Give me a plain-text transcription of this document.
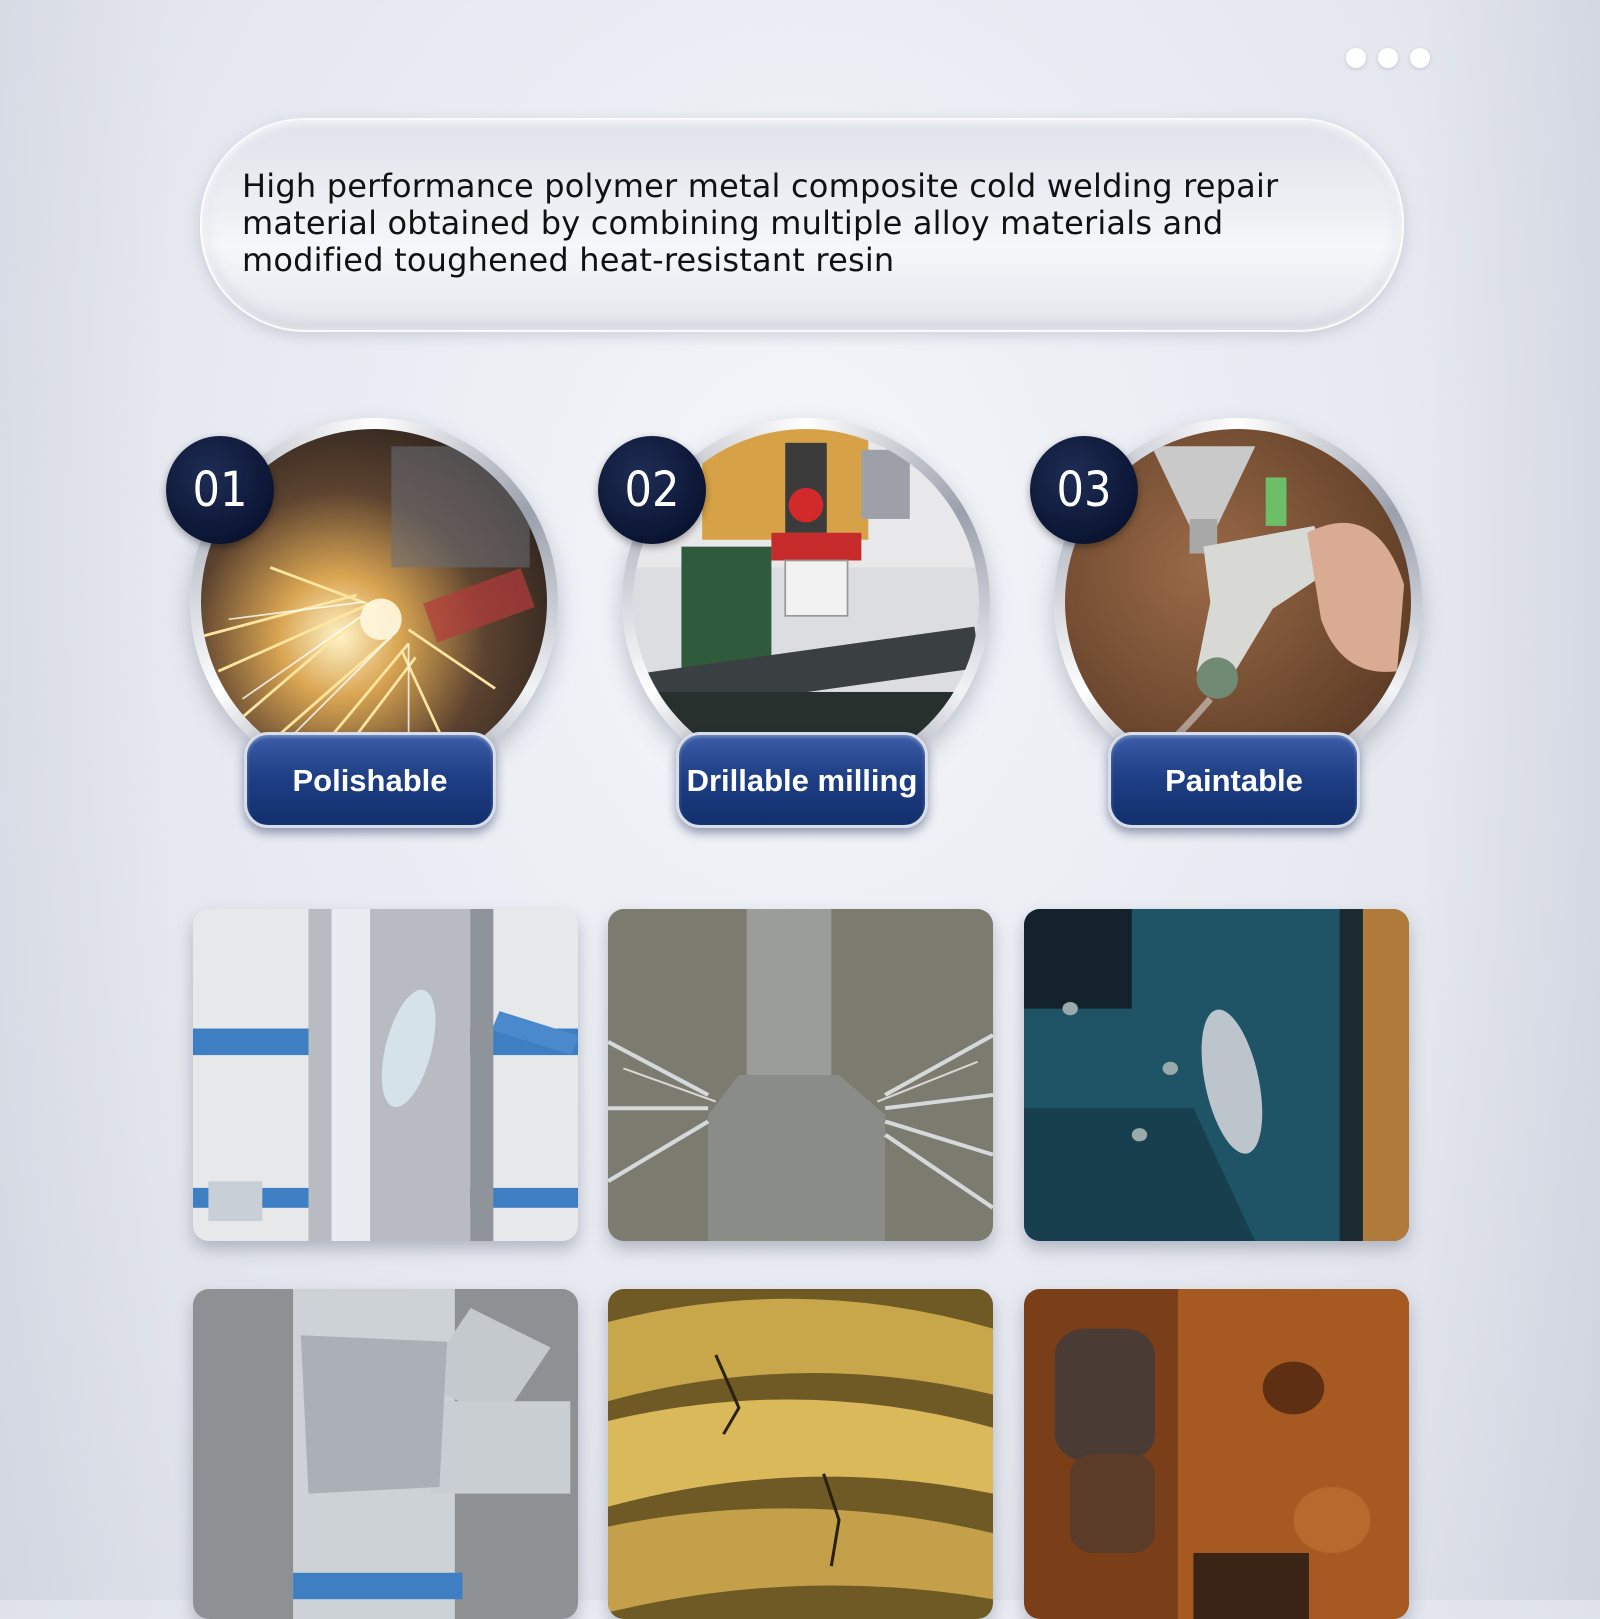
High performance polymer metal composite cold welding repair material obtained by combining multiple alloy materials and modified toughened heat-resistant resin
01
Polishable
02
Drillable milling
03
Paintable
